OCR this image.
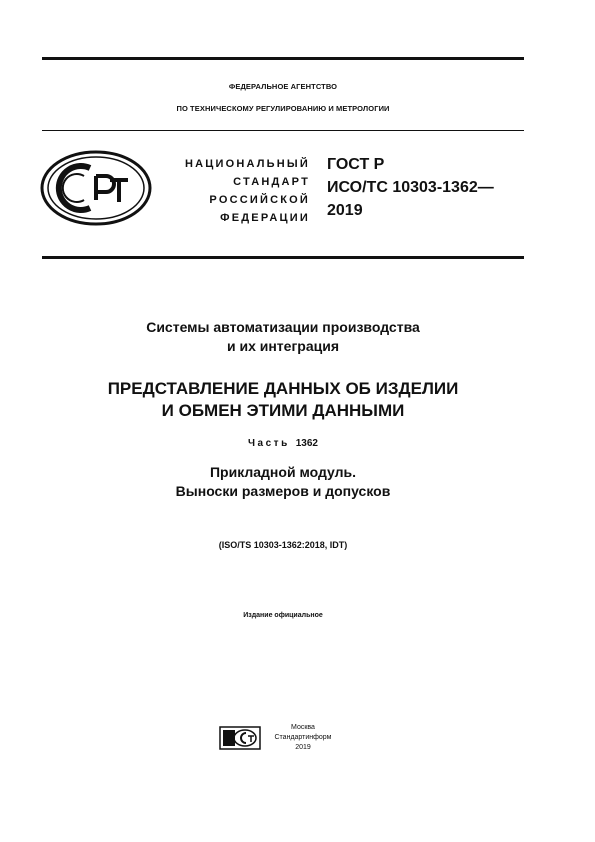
ФЕДЕРАЛЬНОЕ АГЕНТСТВО
ПО ТЕХНИЧЕСКОМУ РЕГУЛИРОВАНИЮ И МЕТРОЛОГИИ
НАЦИОНАЛЬНЫЙ
СТАНДАРТ
РОССИЙСКОЙ
ФЕДЕРАЦИИ
ГОСТ Р
ИСО/ТС 10303-1362—
2019
Системы автоматизации производства
и их интеграция
ПРЕДСТАВЛЕНИЕ ДАННЫХ ОБ ИЗДЕЛИИ
И ОБМЕН ЭТИМИ ДАННЫМИ
Часть 1362
Прикладной модуль.
Выноски размеров и допусков
(ISO/TS 10303-1362:2018, IDT)
Издание официальное
Москва
Стандартинформ
2019
